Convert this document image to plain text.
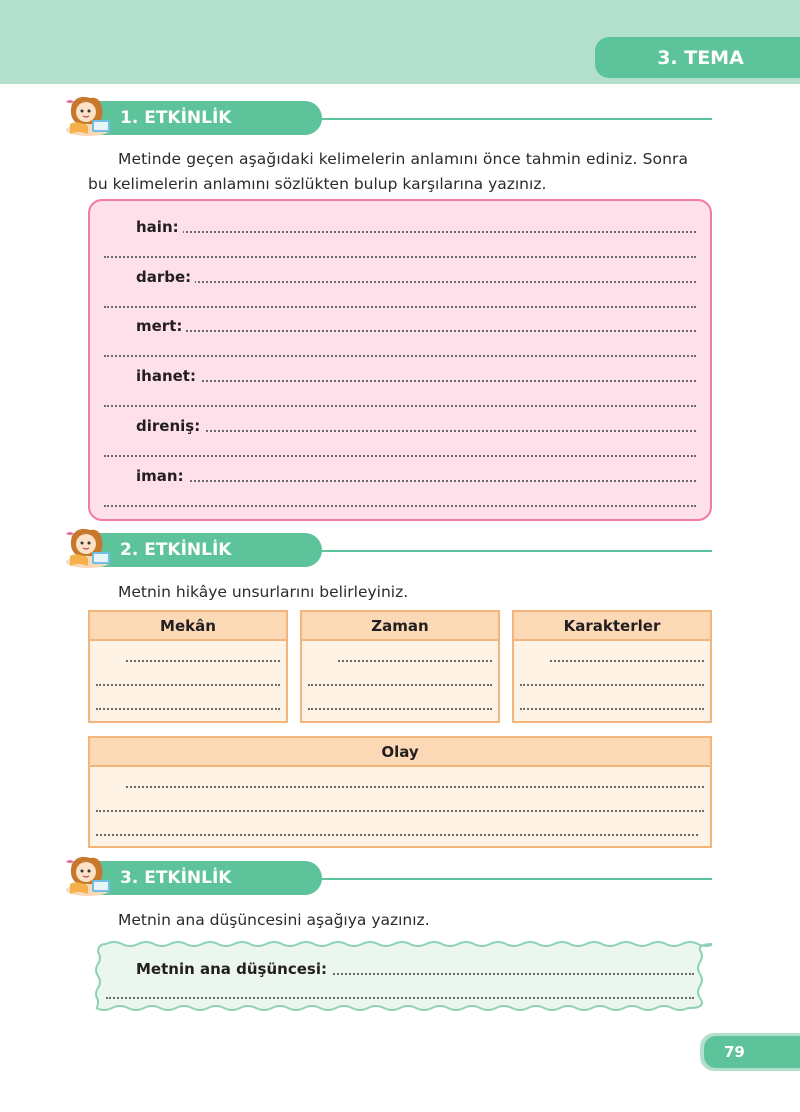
3. TEMA
1. ETKİNLİK
Metinde geçen aşağıdaki kelimelerin anlamını önce tahmin ediniz. Sonra
bu kelimelerin anlamını sözlükten bulup karşılarına yazınız.
hain:
darbe:
mert:
ihanet:
direniş:
iman:
2. ETKİNLİK
Metnin hikâye unsurlarını belirleyiniz.
Mekân	Zaman	Karakterler
Olay
3. ETKİNLİK
Metnin ana düşüncesini aşağıya yazınız.
Metnin ana düşüncesi:
79
